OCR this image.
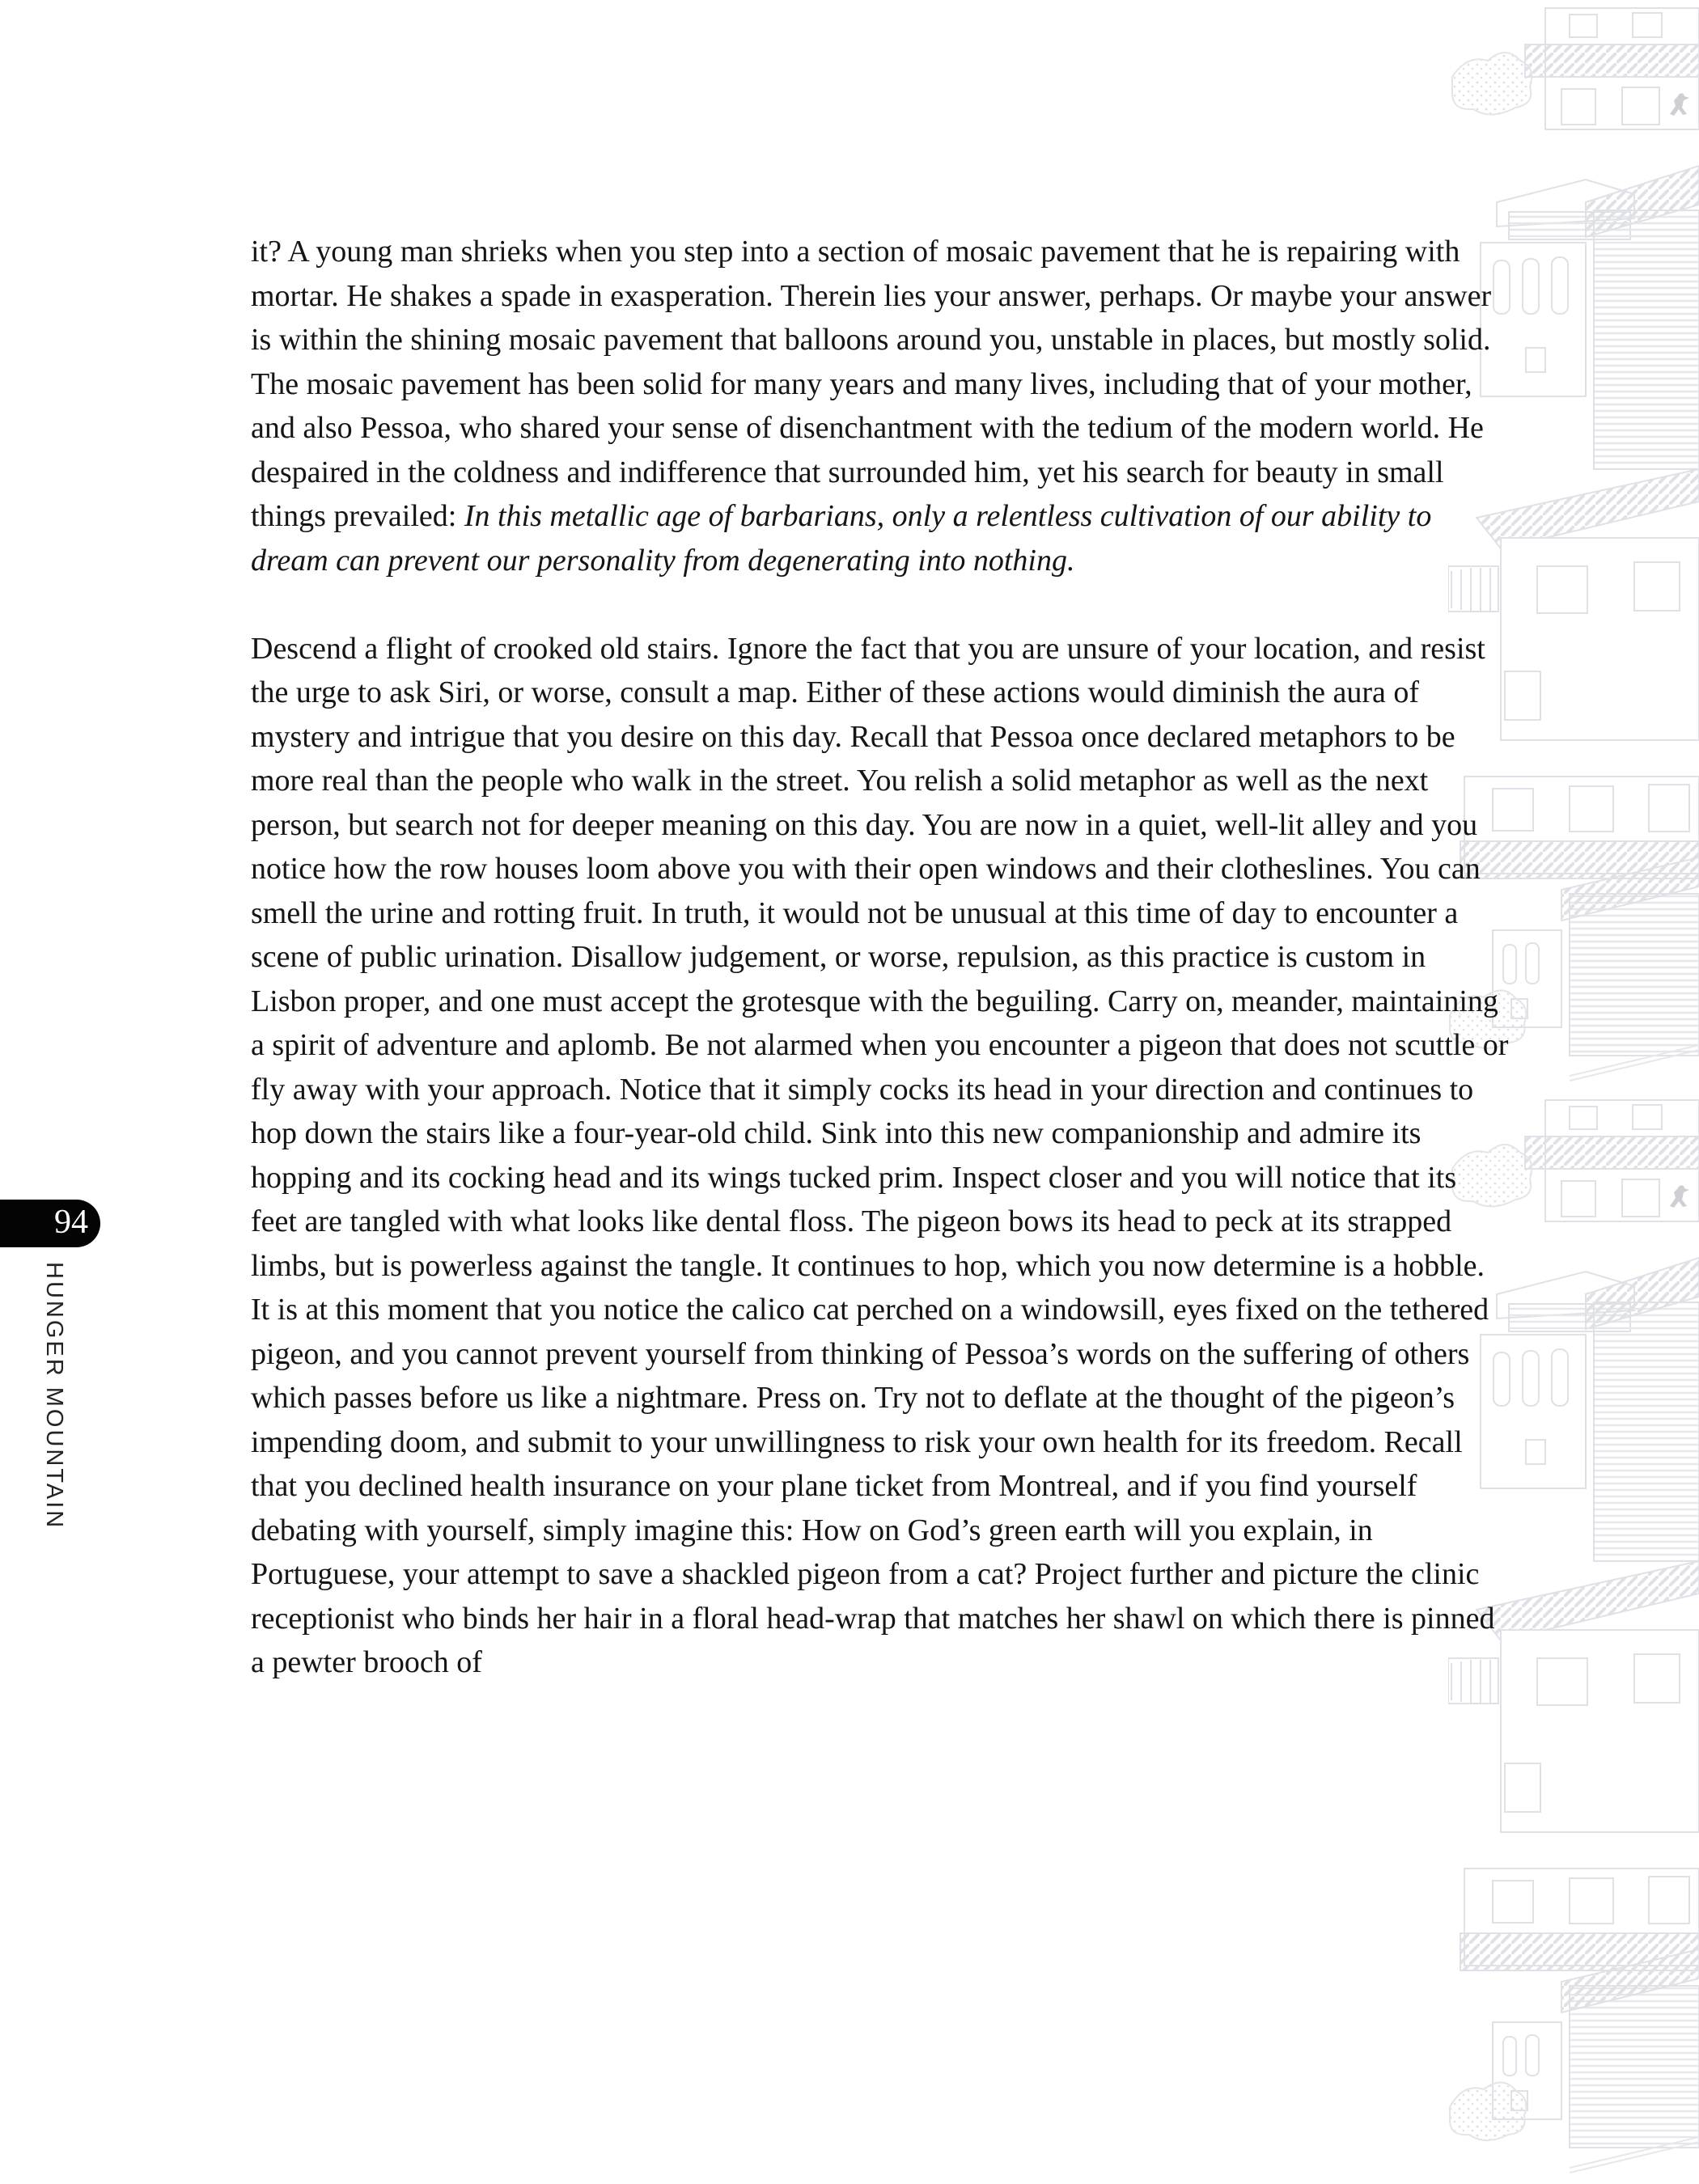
94
HUNGER MOUNTAIN

it? A young man shrieks when you step into a section of mosaic pavement that he is repairing with mortar. He shakes a spade in exasperation. Therein lies your answer, perhaps. Or maybe your answer is within the shining mosaic pavement that balloons around you, unstable in places, but mostly solid. The mosaic pavement has been solid for many years and many lives, including that of your mother, and also Pessoa, who shared your sense of disenchantment with the tedium of the modern world. He despaired in the coldness and indifference that surrounded him, yet his search for beauty in small things prevailed: In this metallic age of barbarians, only a relentless cultivation of our ability to dream can prevent our personality from degenerating into nothing.

Descend a flight of crooked old stairs. Ignore the fact that you are unsure of your location, and resist the urge to ask Siri, or worse, consult a map. Either of these actions would diminish the aura of mystery and intrigue that you desire on this day. Recall that Pessoa once declared metaphors to be more real than the people who walk in the street. You relish a solid metaphor as well as the next person, but search not for deeper meaning on this day. You are now in a quiet, well-lit alley and you notice how the row houses loom above you with their open windows and their clotheslines. You can smell the urine and rotting fruit. In truth, it would not be unusual at this time of day to encounter a scene of public urination. Disallow judgement, or worse, repulsion, as this practice is custom in Lisbon proper, and one must accept the grotesque with the beguiling. Carry on, meander, maintaining a spirit of adventure and aplomb. Be not alarmed when you encounter a pigeon that does not scuttle or fly away with your approach. Notice that it simply cocks its head in your direction and continues to hop down the stairs like a four-year-old child. Sink into this new companionship and admire its hopping and its cocking head and its wings tucked prim. Inspect closer and you will notice that its feet are tangled with what looks like dental floss. The pigeon bows its head to peck at its strapped limbs, but is powerless against the tangle. It continues to hop, which you now determine is a hobble. It is at this moment that you notice the calico cat perched on a windowsill, eyes fixed on the tethered pigeon, and you cannot prevent yourself from thinking of Pessoa’s words on the suffering of others which passes before us like a nightmare. Press on. Try not to deflate at the thought of the pigeon’s impending doom, and submit to your unwillingness to risk your own health for its freedom. Recall that you declined health insurance on your plane ticket from Montreal, and if you find yourself debating with yourself, simply imagine this: How on God’s green earth will you explain, in Portuguese, your attempt to save a shackled pigeon from a cat? Project further and picture the clinic receptionist who binds her hair in a floral head-wrap that matches her shawl on which there is pinned a pewter brooch of
